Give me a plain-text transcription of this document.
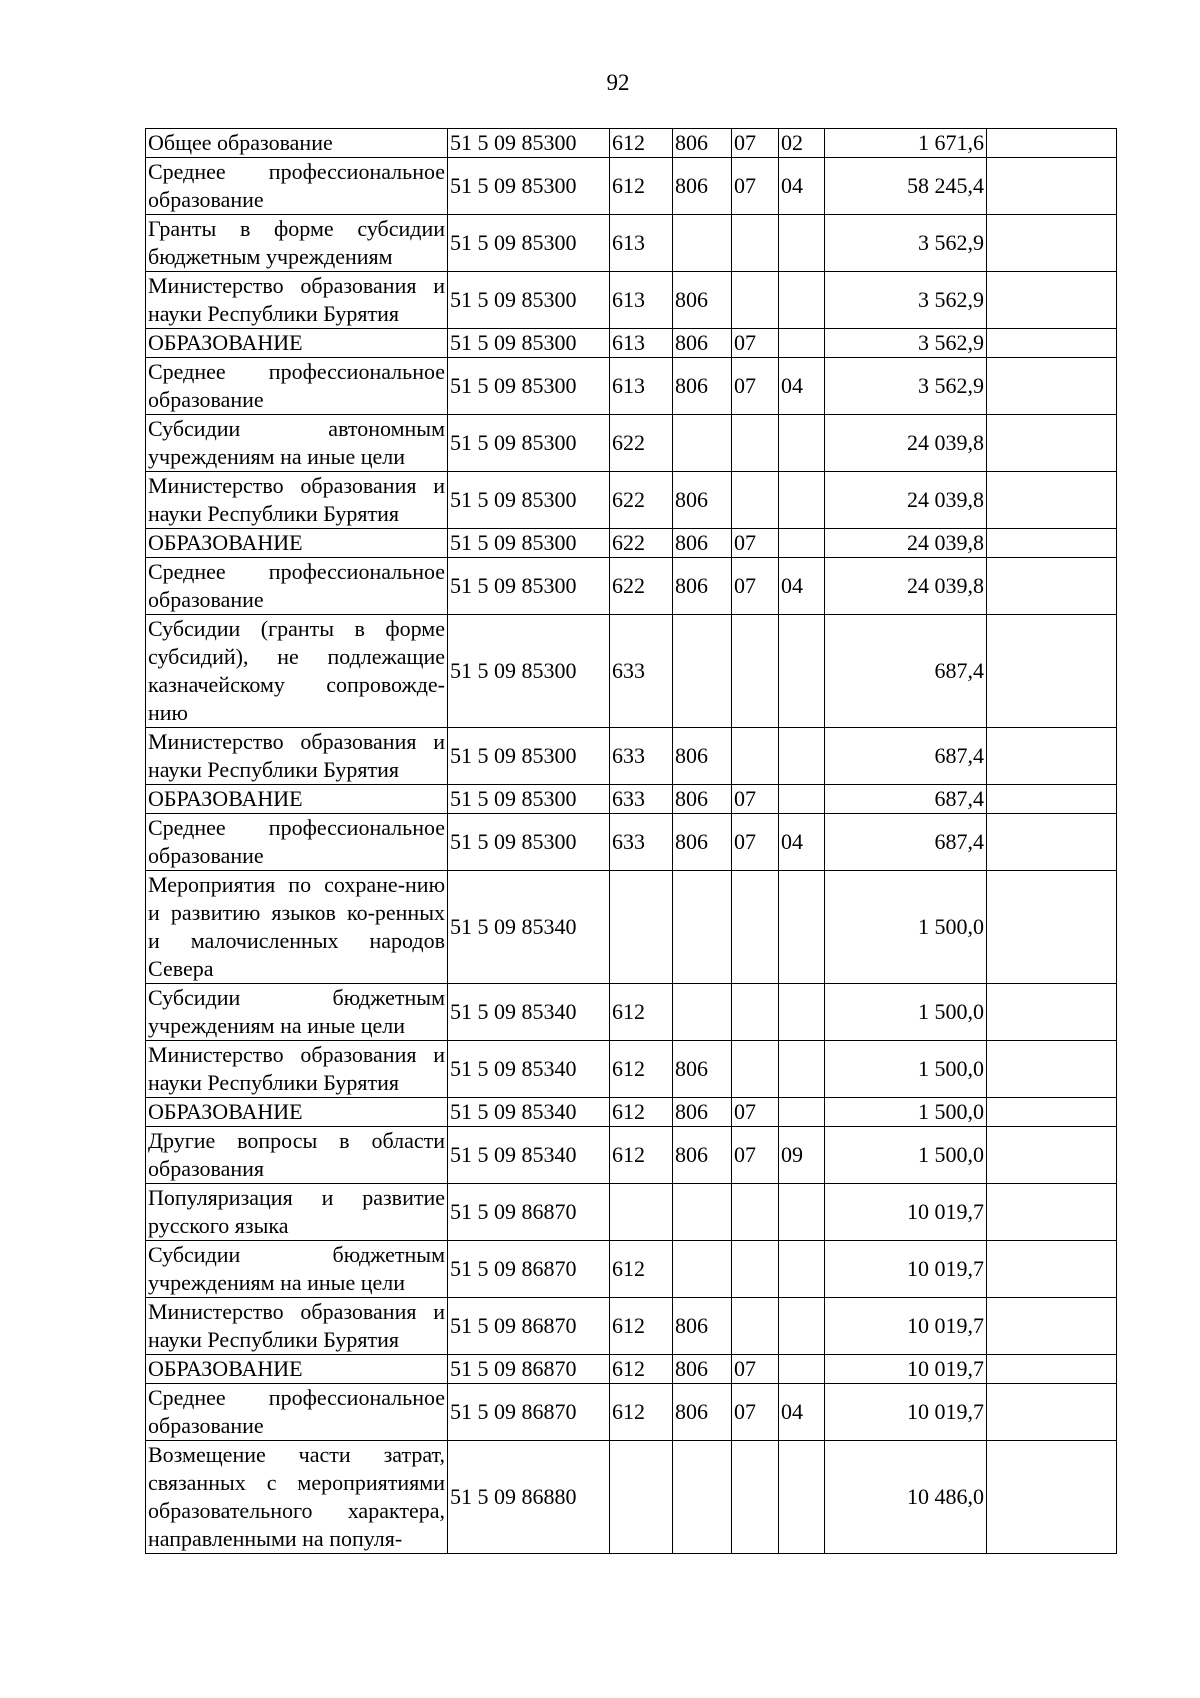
92
Общее образование	51 5 09 85300	612	806	07	02	1 671,6	
Среднее профессиональное образование	51 5 09 85300	612	806	07	04	58 245,4	
Гранты в форме субсидии бюджетным учреждениям	51 5 09 85300	613				3 562,9	
Министерство образования и науки Республики Бурятия	51 5 09 85300	613	806			3 562,9	
ОБРАЗОВАНИЕ	51 5 09 85300	613	806	07		3 562,9	
Среднее профессиональное образование	51 5 09 85300	613	806	07	04	3 562,9	
Субсидии автономным учреждениям на иные цели	51 5 09 85300	622				24 039,8	
Министерство образования и науки Республики Бурятия	51 5 09 85300	622	806			24 039,8	
ОБРАЗОВАНИЕ	51 5 09 85300	622	806	07		24 039,8	
Среднее профессиональное образование	51 5 09 85300	622	806	07	04	24 039,8	
Субсидии (гранты в форме субсидий), не подлежащие казначейскому сопровожде-нию	51 5 09 85300	633				687,4	
Министерство образования и науки Республики Бурятия	51 5 09 85300	633	806			687,4	
ОБРАЗОВАНИЕ	51 5 09 85300	633	806	07		687,4	
Среднее профессиональное образование	51 5 09 85300	633	806	07	04	687,4	
Мероприятия по сохране-нию и развитию языков ко-ренных и малочисленных народов Севера	51 5 09 85340					1 500,0	
Субсидии бюджетным учреждениям на иные цели	51 5 09 85340	612				1 500,0	
Министерство образования и науки Республики Бурятия	51 5 09 85340	612	806			1 500,0	
ОБРАЗОВАНИЕ	51 5 09 85340	612	806	07		1 500,0	
Другие вопросы в области образования	51 5 09 85340	612	806	07	09	1 500,0	
Популяризация и развитие русского языка	51 5 09 86870					10 019,7	
Субсидии бюджетным учреждениям на иные цели	51 5 09 86870	612				10 019,7	
Министерство образования и науки Республики Бурятия	51 5 09 86870	612	806			10 019,7	
ОБРАЗОВАНИЕ	51 5 09 86870	612	806	07		10 019,7	
Среднее профессиональное образование	51 5 09 86870	612	806	07	04	10 019,7	
Возмещение части затрат, связанных с мероприятиями образовательного характера, направленными на популя-	51 5 09 86880					10 486,0	
